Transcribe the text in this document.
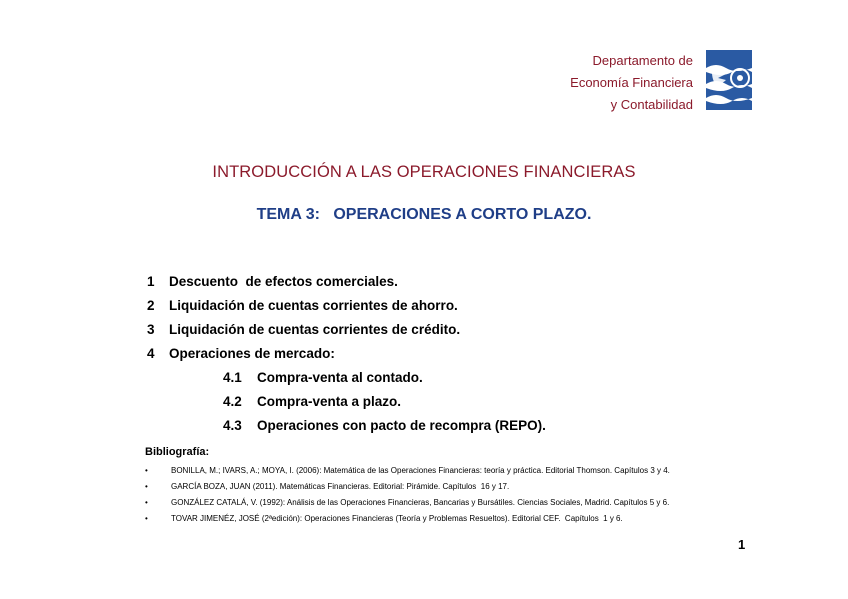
Departamento de
Economía Financiera
y Contabilidad
INTRODUCCIÓN A LAS OPERACIONES FINANCIERAS
TEMA 3:   OPERACIONES A CORTO PLAZO.
1 Descuento  de efectos comerciales.
2 Liquidación de cuentas corrientes de ahorro.
3 Liquidación de cuentas corrientes de crédito.
4 Operaciones de mercado:
4.1 Compra-venta al contado.
4.2 Compra-venta a plazo.
4.3 Operaciones con pacto de recompra (REPO).
Bibliografía:
•	BONILLA, M.; IVARS, A.; MOYA, I. (2006): Matemática de las Operaciones Financieras: teoría y práctica. Editorial Thomson. Capítulos 3 y 4.
•	GARCÍA BOZA, JUAN (2011). Matemáticas Financieras. Editorial: Pirámide. Capítulos  16 y 17.
•	GONZÁLEZ CATALÁ, V. (1992): Análisis de las Operaciones Financieras, Bancarias y Bursátiles. Ciencias Sociales, Madrid. Capítulos 5 y 6.
•	TOVAR JIMENÉZ, JOSÉ (2ªedición): Operaciones Financieras (Teoría y Problemas Resueltos). Editorial CEF.  Capítulos  1 y 6.
1
